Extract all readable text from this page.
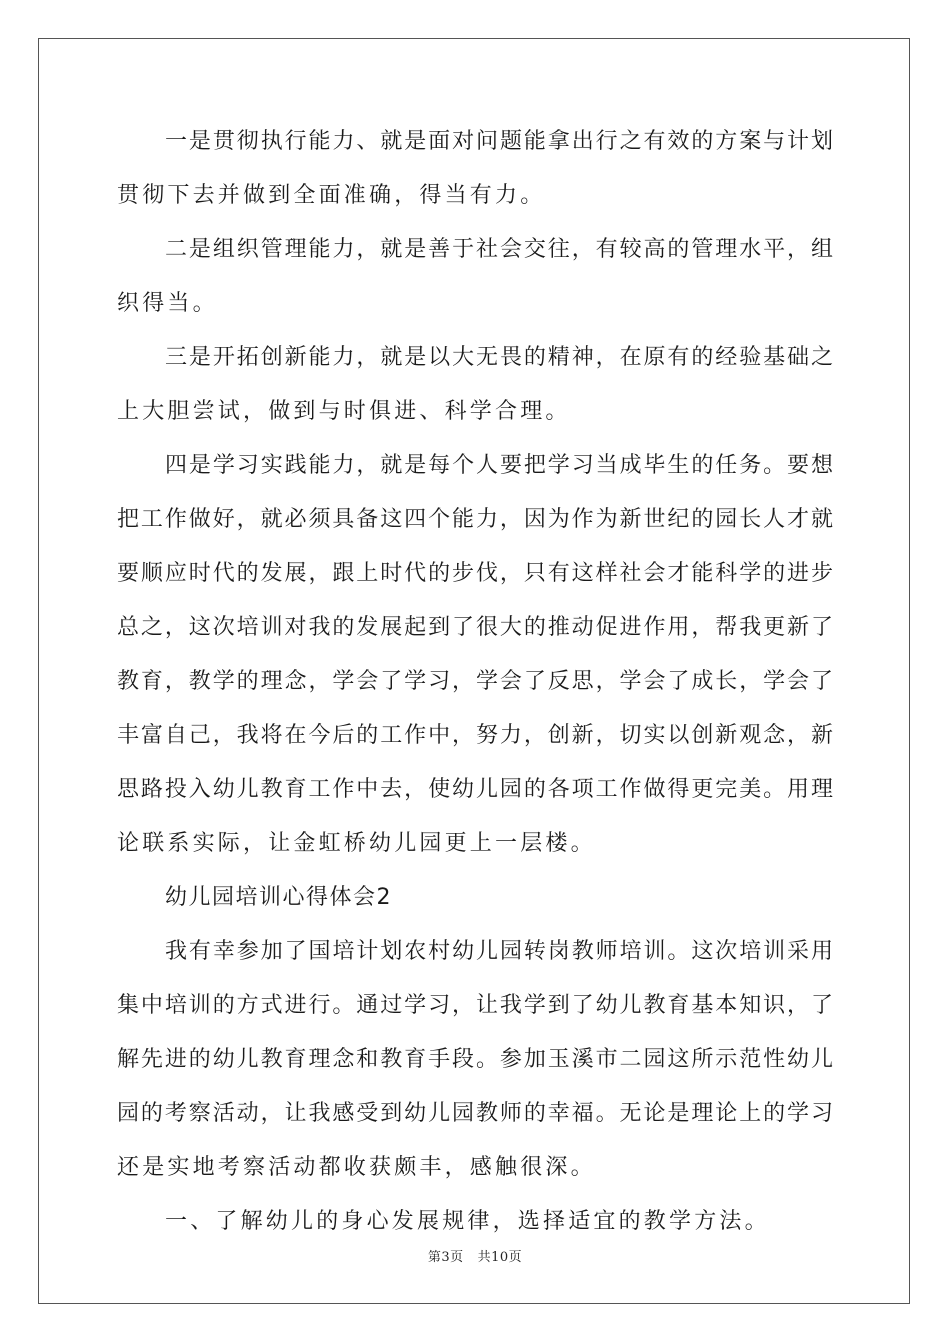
一是贯彻执行能力、就是面对问题能拿出行之有效的方案与计划
贯彻下去并做到全面准确，得当有力。
二是组织管理能力，就是善于社会交往，有较高的管理水平，组
织得当。
三是开拓创新能力，就是以大无畏的精神，在原有的经验基础之
上大胆尝试，做到与时俱进、科学合理。
四是学习实践能力，就是每个人要把学习当成毕生的任务。要想
把工作做好，就必须具备这四个能力，因为作为新世纪的园长人才就
要顺应时代的发展，跟上时代的步伐，只有这样社会才能科学的进步
总之，这次培训对我的发展起到了很大的推动促进作用，帮我更新了
教育，教学的理念，学会了学习，学会了反思，学会了成长，学会了
丰富自己，我将在今后的工作中，努力，创新，切实以创新观念，新
思路投入幼儿教育工作中去，使幼儿园的各项工作做得更完美。用理
论联系实际，让金虹桥幼儿园更上一层楼。
幼儿园培训心得体会2
我有幸参加了国培计划农村幼儿园转岗教师培训。这次培训采用
集中培训的方式进行。通过学习，让我学到了幼儿教育基本知识，了
解先进的幼儿教育理念和教育手段。参加玉溪市二园这所示范性幼儿
园的考察活动，让我感受到幼儿园教师的幸福。无论是理论上的学习
还是实地考察活动都收获颇丰，感触很深。
一、了解幼儿的身心发展规律，选择适宜的教学方法。
第3页 共10页
